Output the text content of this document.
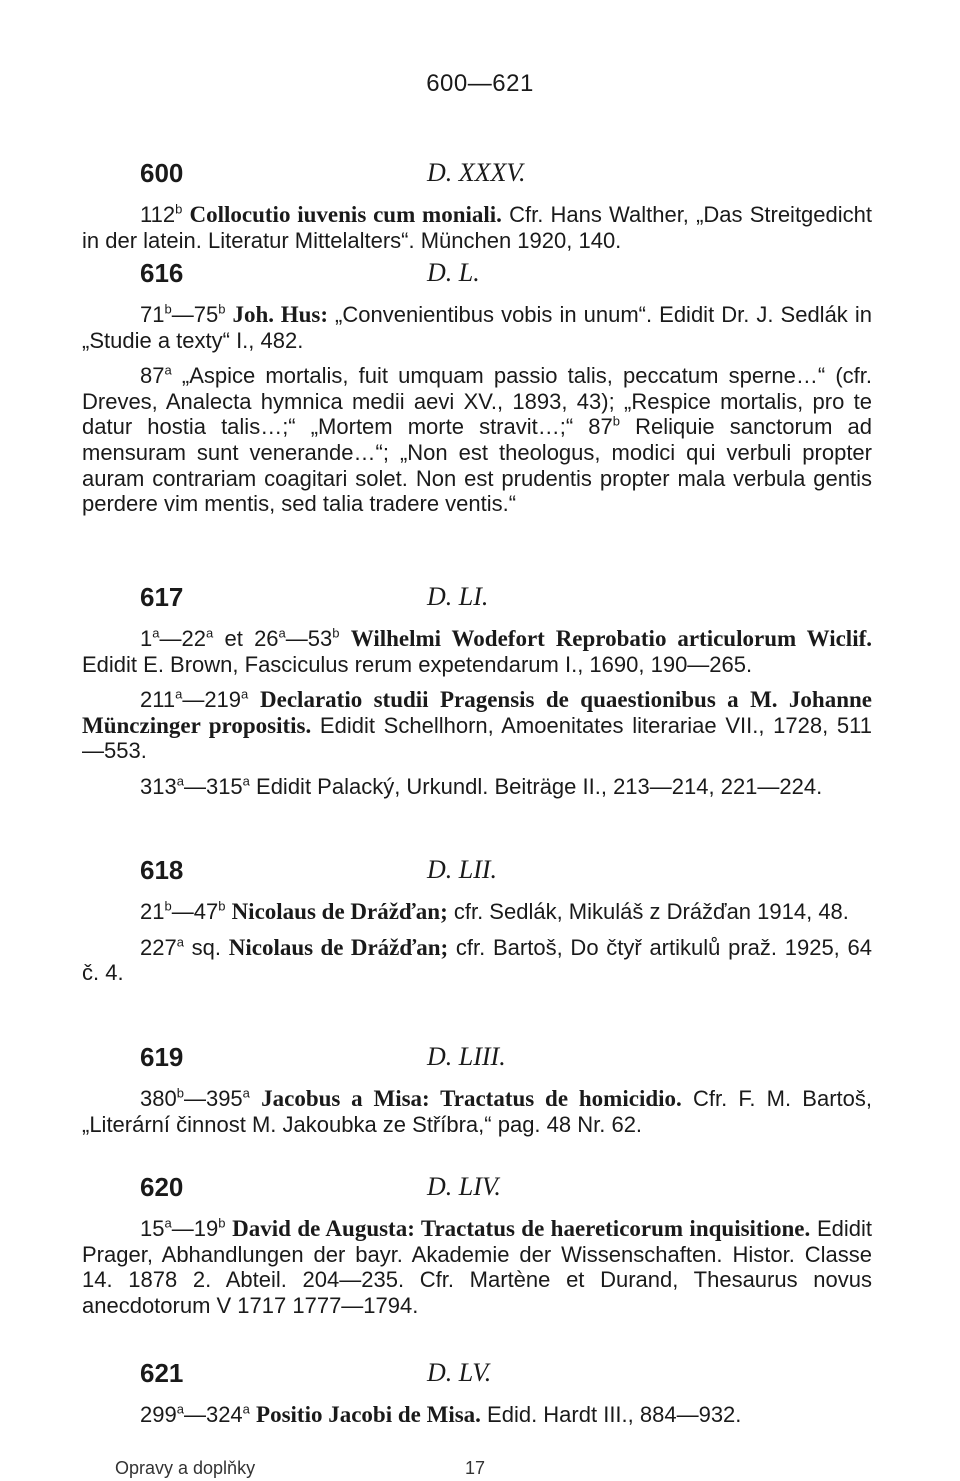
600—621
600	D. XXXV.

112$^b$ Collocutio iuvenis cum moniali. Cfr. Hans Walther, „Das Streitgedicht in der latein. Literatur Mittelalters“. München 1920, 140.

616	D. L.

71$^b$—75$^b$ Joh. Hus: „Convenientibus vobis in unum“. Edidit Dr. J. Sedlák in „Studie a texty“ I., 482.

87$^a$ „Aspice mortalis, fuit umquam passio talis, peccatum sperne…“ (cfr. Dreves, Analecta hymnica medii aevi XV., 1893, 43); „Respice mortalis, pro te datur hostia talis…;“ „Mortem morte stravit…;“ 87$^b$ Reliquie sanctorum ad mensuram sunt venerande…“; „Non est theologus, modici qui verbuli propter auram contrariam coagitari solet. Non est prudentis propter mala verbula gentis perdere vim mentis, sed talia tradere ventis.“

617	D. LI.

1$^a$—22$^a$ et 26$^a$—53$^b$ Wilhelmi Wodefort Reprobatio articulorum Wiclif. Edidit E. Brown, Fasciculus rerum expetendarum I., 1690, 190—265.

211$^a$—219$^a$ Declaratio studii Pragensis de quaestionibus a M. Johanne Münczinger propositis. Edidit Schellhorn, Amoenitates literariae VII., 1728, 511—553.

313$^a$—315$^a$ Edidit Palacký, Urkundl. Beiträge II., 213—214, 221—224.

618	D. LII.

21$^b$—47$^b$ Nicolaus de Drážďan; cfr. Sedlák, Mikuláš z Drážďan 1914, 48.

227$^a$ sq. Nicolaus de Drážďan; cfr. Bartoš, Do čtyř artikulů praž. 1925, 64 č. 4.

619	D. LIII.

380$^b$—395$^a$ Jacobus a Misa: Tractatus de homicidio. Cfr. F. M. Bartoš, „Literární činnost M. Jakoubka ze Stříbra,“ pag. 48 Nr. 62.

620	D. LIV.

15$^a$—19$^b$ David de Augusta: Tractatus de haereticorum inquisitione. Edidit Prager, Abhandlungen der bayr. Akademie der Wissenschaften. Histor. Classe 14. 1878 2. Abteil. 204—235. Cfr. Martène et Durand, Thesaurus novus anecdotorum V 1717 1777—1794.

621	D. LV.

299$^a$—324$^a$ Positio Jacobi de Misa. Edid. Hardt III., 884—932.

Opravy a doplňky	17
